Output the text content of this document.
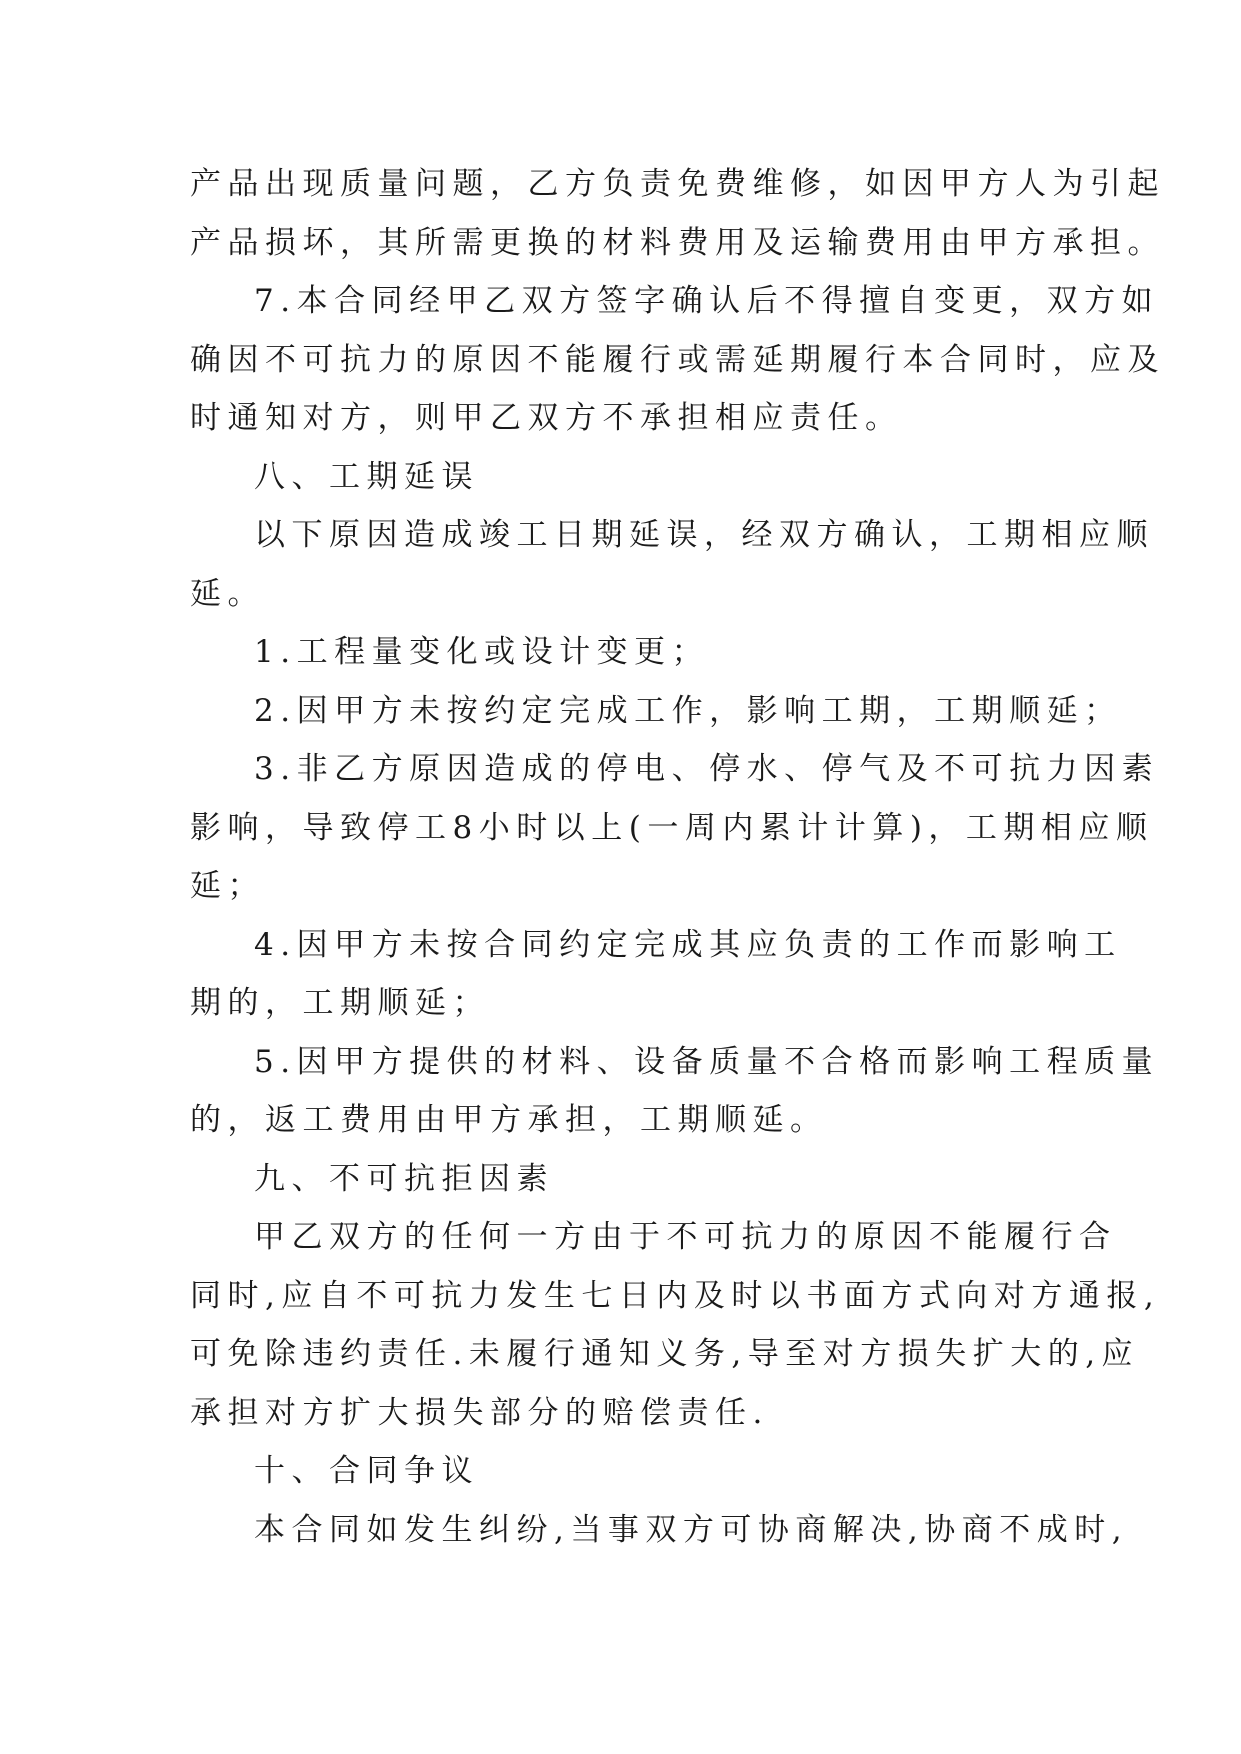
产品出现质量问题，乙方负责免费维修，如因甲方人为引起
产品损坏，其所需更换的材料费用及运输费用由甲方承担。
7.本合同经甲乙双方签字确认后不得擅自变更，双方如
确因不可抗力的原因不能履行或需延期履行本合同时，应及
时通知对方，则甲乙双方不承担相应责任。
八、工期延误
以下原因造成竣工日期延误，经双方确认，工期相应顺
延。
1.工程量变化或设计变更；
2.因甲方未按约定完成工作，影响工期，工期顺延；
3.非乙方原因造成的停电、停水、停气及不可抗力因素
影响，导致停工8小时以上(一周内累计计算)，工期相应顺
延；
4.因甲方未按合同约定完成其应负责的工作而影响工
期的，工期顺延；
5.因甲方提供的材料、设备质量不合格而影响工程质量
的，返工费用由甲方承担，工期顺延。
九、不可抗拒因素
甲乙双方的任何一方由于不可抗力的原因不能履行合
同时,应自不可抗力发生七日内及时以书面方式向对方通报,
可免除违约责任.未履行通知义务,导至对方损失扩大的,应
承担对方扩大损失部分的赔偿责任.
十、合同争议
本合同如发生纠纷,当事双方可协商解决,协商不成时,
